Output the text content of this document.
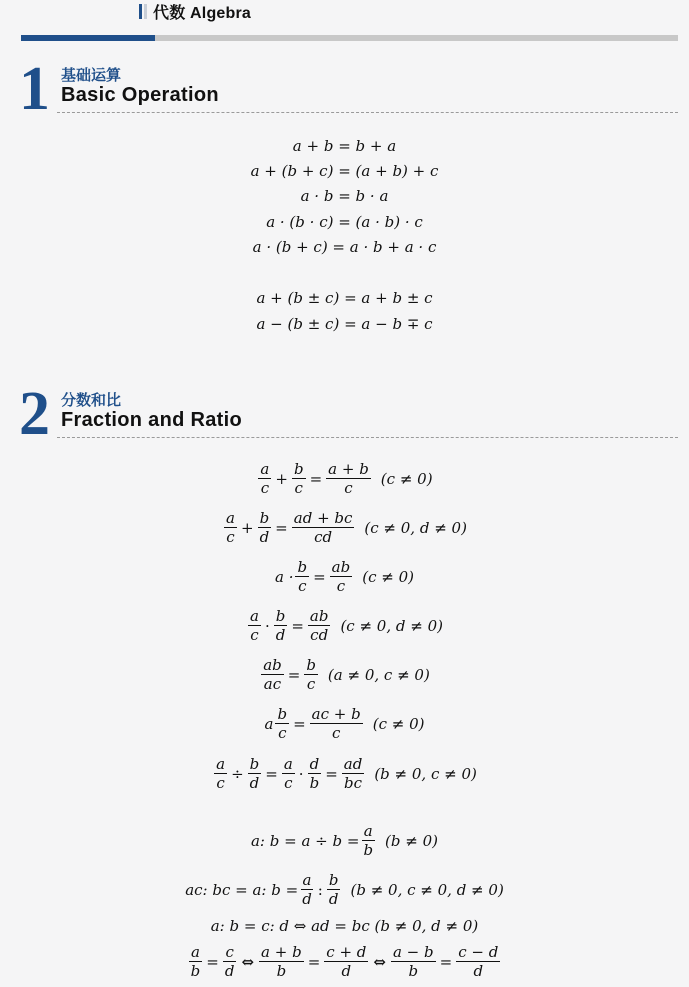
代数 Algebra
1 基础运算
Basic Operation
a + b = b + a
a + (b + c) = (a + b) + c
a · b = b · a
a · (b · c) = (a · b) · c
a · (b + c) = a · b + a · c
a + (b ± c) = a + b ± c
a − (b ± c) = a − b ∓ c
2 分数和比
Fraction and Ratio
$\frac{a}{c} + \frac{b}{c} = \frac{a + b}{c} (c \ne 0)$
$\frac{a}{c} + \frac{b}{d} = \frac{ad + bc}{cd} (c \ne 0$, d ≠ 0)
$a \cdot \frac{b}{c} = \frac{ab}{c} (c \ne 0)$
$\frac{a}{c} \cdot \frac{b}{d} = \frac{ab}{cd} (c \ne 0$, d ≠ 0)
$\frac{ab}{ac} = \frac{b}{c} (a \ne 0$, c ≠ 0)
a $\frac{b}{c} = \frac{ac + b}{c} (c \ne 0)$
$\frac{a}{c} \div \frac{b}{d} = \frac{a}{c} \cdot \frac{d}{b} = \frac{ad}{bc} (b \ne 0$, c ≠ 0)
a: $b = a \div b = \frac{a}{b} (b \ne 0)$
ac: bc = a: $b = \frac{a}{d}$ : $\frac{b}{d} (b \ne 0$, c ≠ 0, d ≠ 0)
a: b = c: d ⇔ ad = bc (b ≠ 0, d ≠ 0)
$\frac{a}{b} = \frac{c}{d}$ ⇔ $\frac{a + b}{b} = \frac{c + d}{d}$ ⇔ $\frac{a - b}{b} = \frac{c - d}{d}$
